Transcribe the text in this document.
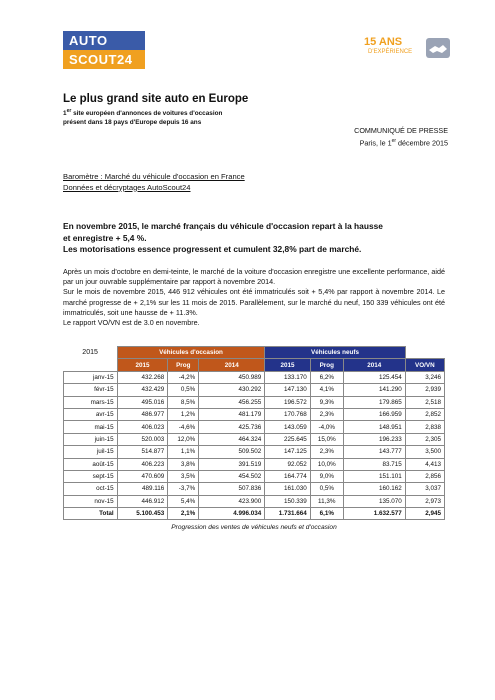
AUTO
SCOUT24
15 ANS
D'EXPÉRIENCE
Le plus grand site auto en Europe
1er site européen d'annonces de voitures d'occasion
présent dans 18 pays d'Europe depuis 16 ans
COMMUNIQUÉ DE PRESSE
Paris, le 1er décembre 2015
Baromètre : Marché du véhicule d'occasion en France
Données et décryptages AutoScout24
En novembre 2015, le marché français du véhicule d'occasion repart à la hausse
et enregistre + 5,4 %.
Les motorisations essence progressent et cumulent 32,8% part de marché.

Après un mois d'octobre en demi-teinte, le marché de la voiture d'occasion enregistre une excellente performance, aidé par un jour ouvrable supplémentaire par rapport à novembre 2014.

Sur le mois de novembre 2015, 446 912 véhicules ont été immatriculés soit + 5,4% par rapport à novembre 2014. Le marché progresse de + 2,1% sur les 11 mois de 2015. Parallèlement, sur le marché du neuf, 150 339 véhicules ont été immatriculés, soit une hausse de + 11.3%.

Le rapport VO/VN est de 3.0 en novembre.

2015	Véhicules d'occasion			Véhicules neufs			
	2015	Prog	2014	2015	Prog	2014	VO/VN
janv-15	432.268	-4,2%	450.989	133.170	6,2%	125.454	3,246
févr-15	432.429	0,5%	430.292	147.130	4,1%	141.290	2,939
mars-15	495.016	8,5%	456.255	196.572	9,3%	179.865	2,518
avr-15	486.977	1,2%	481.179	170.768	2,3%	166.959	2,852
mai-15	406.023	-4,6%	425.736	143.059	-4,0%	148.951	2,838
juin-15	520.003	12,0%	464.324	225.645	15,0%	196.233	2,305
juil-15	514.877	1,1%	509.502	147.125	2,3%	143.777	3,500
août-15	406.223	3,8%	391.519	92.052	10,0%	83.715	4,413
sept-15	470.609	3,5%	454.502	164.774	9,0%	151.101	2,856
oct-15	489.116	-3,7%	507.836	161.030	0,5%	160.162	3,037
nov-15	446.912	5,4%	423.900	150.339	11,3%	135.070	2,973
Total	5.100.453	2,1%	4.996.034	1.731.664	6,1%	1.632.577	2,945
Progression des ventes de véhicules neufs et d'occasion
